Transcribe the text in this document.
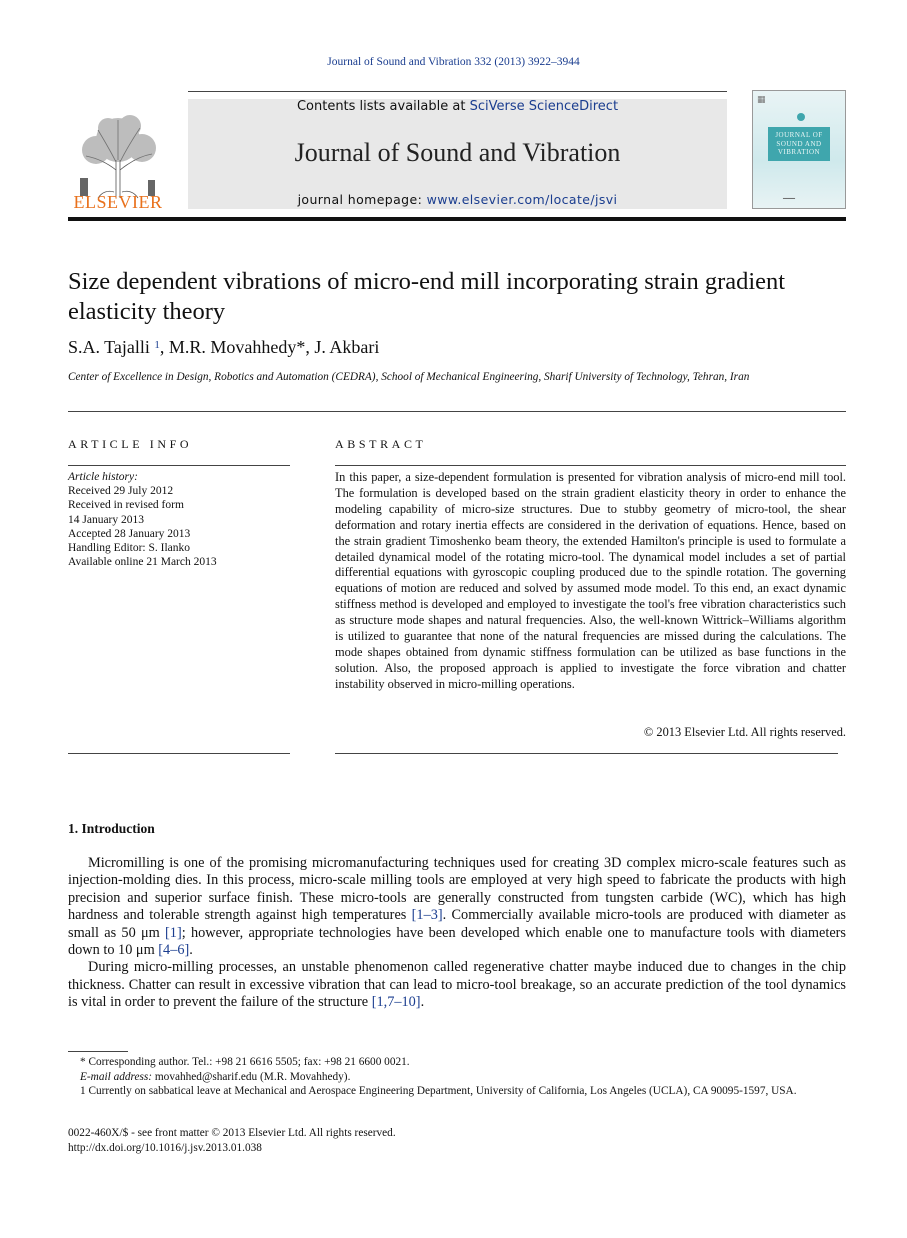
Journal of Sound and Vibration 332 (2013) 3922–3944
ELSEVIER
Contents lists available at SciVerse ScienceDirect
Journal of Sound and Vibration
journal homepage: www.elsevier.com/locate/jsvi
▦
JOURNAL OF SOUND AND VIBRATION
━━━━
Size dependent vibrations of micro-end mill incorporating strain gradient elasticity theory
S.A. Tajalli $^1$, M.R. Movahhedy*, J. Akbari
Center of Excellence in Design, Robotics and Automation (CEDRA), School of Mechanical Engineering, Sharif University of Technology, Tehran, Iran
ARTICLE INFO
Article history:
Received 29 July 2012
Received in revised form
14 January 2013
Accepted 28 January 2013
Handling Editor: S. Ilanko
Available online 21 March 2013
ABSTRACT
In this paper, a size-dependent formulation is presented for vibration analysis of micro-end mill tool. The formulation is developed based on the strain gradient elasticity theory in order to enhance the modeling capability of micro-size structures. Due to stubby geometry of micro-tool, the shear deformation and rotary inertia effects are considered in the derivation of equations. Hence, based on the strain gradient Timoshenko beam theory, the extended Hamilton's principle is used to formulate a detailed dynamical model of the rotating micro-tool. The dynamical model includes a set of partial differential equations with gyroscopic coupling produced due to the spindle rotation. The governing equations of motion are reduced and solved by assumed mode model. To this end, an exact dynamic stiffness method is developed and employed to investigate the tool's free vibration characteristics such as structure mode shapes and natural frequencies. Also, the well-known Wittrick–Williams algorithm is utilized to guarantee that none of the natural frequencies are missed during the calculations. The mode shapes obtained from dynamic stiffness formulation can be utilized as base functions in the solution. Also, the proposed approach is applied to investigate the force vibration and chatter instability observed in micro-milling operations.
© 2013 Elsevier Ltd. All rights reserved.
1. Introduction

Micromilling is one of the promising micromanufacturing techniques used for creating 3D complex micro-scale features such as injection-molding dies. In this process, micro-scale milling tools are employed at very high speed to fabricate the products with high precision and superior surface finish. These micro-tools are generally constructed from tungsten carbide (WC), which has high hardness and tolerable strength against high temperatures [1–3]. Commercially available micro-tools are produced with diameter as small as 50 μm [1]; however, appropriate technologies have been developed which enable one to manufacture tools with diameters down to 10 μm [4–6].

During micro-milling processes, an unstable phenomenon called regenerative chatter maybe induced due to changes in the chip thickness. Chatter can result in excessive vibration that can lead to micro-tool breakage, so an accurate prediction of the tool dynamics is vital in order to prevent the failure of the structure [1,7–10].

* Corresponding author. Tel.: +98 21 6616 5505; fax: +98 21 6600 0021.
E-mail address: movahhed@sharif.edu (M.R. Movahhedy).
1 Currently on sabbatical leave at Mechanical and Aerospace Engineering Department, University of California, Los Angeles (UCLA), CA 90095-1597, USA.
0022-460X/$ - see front matter © 2013 Elsevier Ltd. All rights reserved.
http://dx.doi.org/10.1016/j.jsv.2013.01.038
